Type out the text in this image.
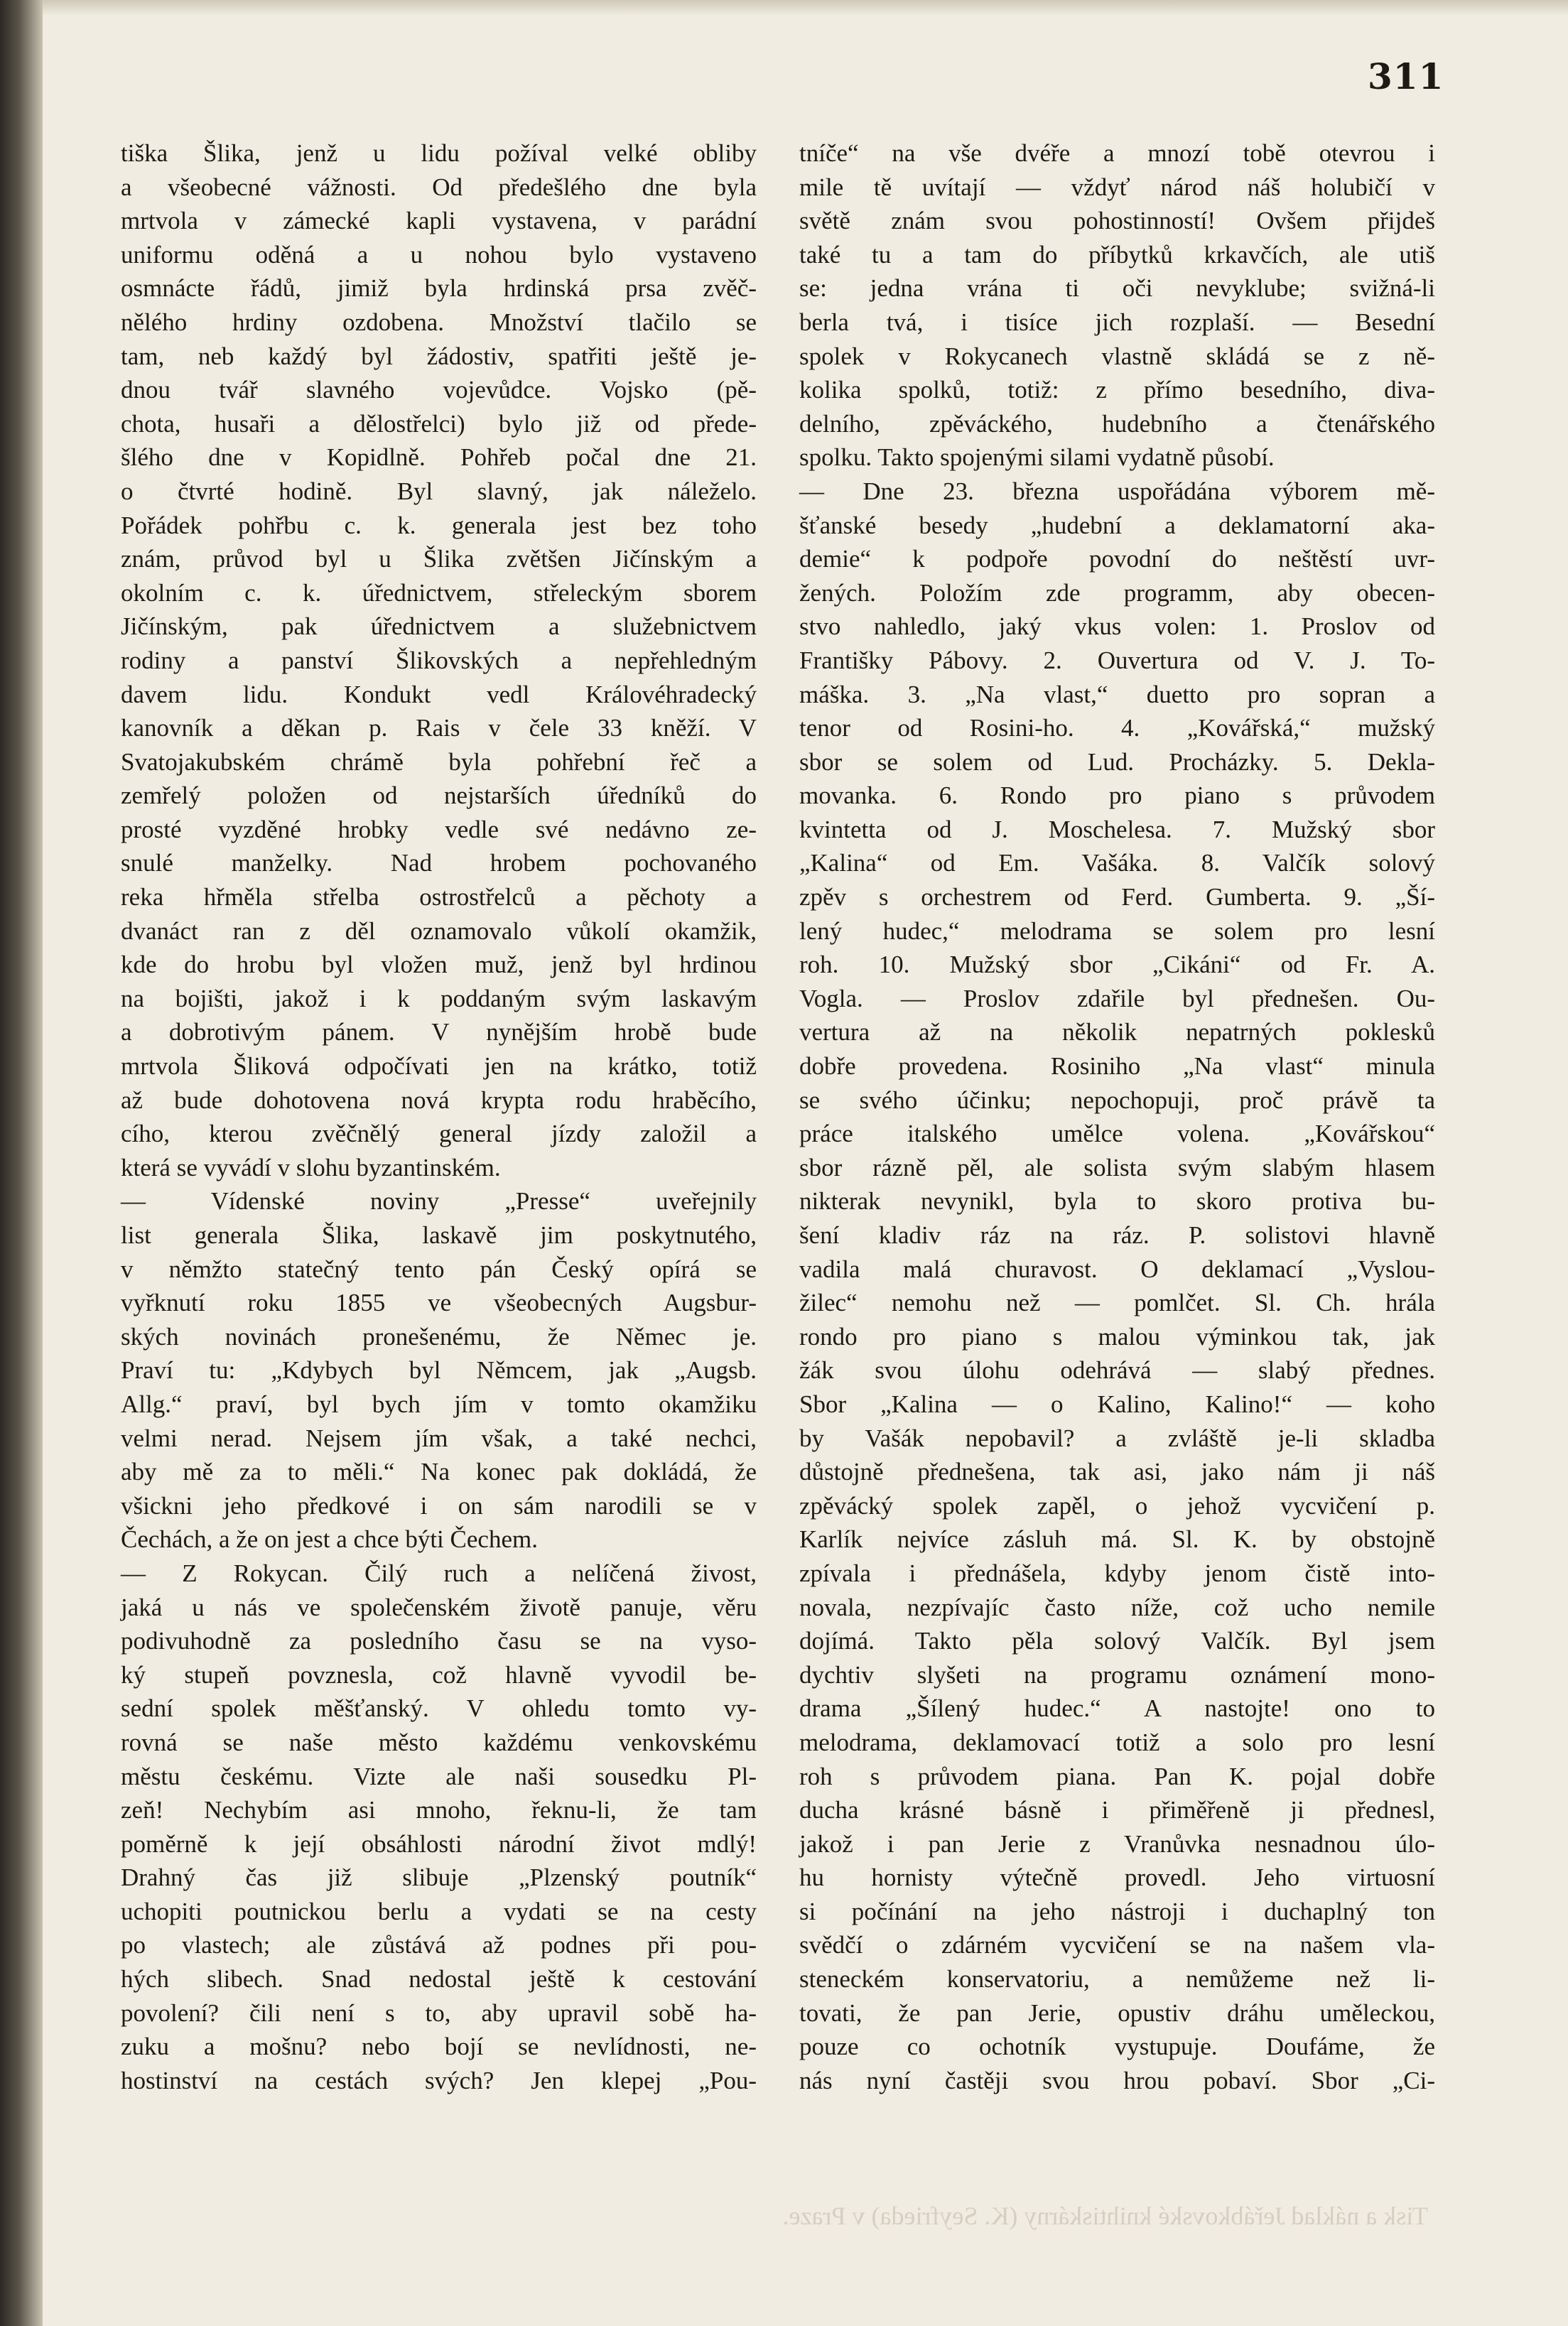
311
tiška Šlika, jenž u lidu požíval velké obliby
a všeobecné vážnosti. Od předešlého dne byla
mrtvola v zámecké kapli vystavena, v parádní
uniformu oděná a u nohou bylo vystaveno
osmnácte řádů, jimiž byla hrdinská prsa zvěč-
nělého hrdiny ozdobena. Množství tlačilo se
tam, neb každý byl žádostiv, spatřiti ještě je-
dnou tvář slavného vojevůdce. Vojsko (pě-
chota, husaři a dělostřelci) bylo již od přede-
šlého dne v Kopidlně. Pohřeb počal dne 21.
o čtvrté hodině. Byl slavný, jak náleželo.
Pořádek pohřbu c. k. generala jest bez toho
znám, průvod byl u Šlika zvětšen Jičínským a
okolním c. k. úřednictvem, střeleckým sborem
Jičínským, pak úřednictvem a služebnictvem
rodiny a panství Šlikovských a nepřehledným
davem lidu. Kondukt vedl Královéhradecký
kanovník a děkan p. Rais v čele 33 kněží. V
Svatojakubském chrámě byla pohřební řeč a
zemřelý položen od nejstarších úředníků do
prosté vyzděné hrobky vedle své nedávno ze-
snulé manželky. Nad hrobem pochovaného
reka hřměla střelba ostrostřelců a pěchoty a
dvanáct ran z děl oznamovalo vůkolí okamžik,
kde do hrobu byl vložen muž, jenž byl hrdinou
na bojišti, jakož i k poddaným svým laskavým
a dobrotivým pánem. V nynějším hrobě bude
mrtvola Šliková odpočívati jen na krátko, totiž
až bude dohotovena nová krypta rodu hraběcího,
cího, kterou zvěčnělý general jízdy založil a
která se vyvádí v slohu byzantinském.
— Vídenské noviny „Presse“ uveřejnily
list generala Šlika, laskavě jim poskytnutého,
v němžto statečný tento pán Český opírá se
vyřknutí roku 1855 ve všeobecných Augsbur-
ských novinách pronešenému, že Němec je.
Praví tu: „Kdybych byl Němcem, jak „Augsb.
Allg.“ praví, byl bych jím v tomto okamžiku
velmi nerad. Nejsem jím však, a také nechci,
aby mě za to měli.“ Na konec pak dokládá, že
všickni jeho předkové i on sám narodili se v
Čechách, a že on jest a chce býti Čechem.
— Z Rokycan. Čilý ruch a nelíčená živost,
jaká u nás ve společenském životě panuje, věru
podivuhodně za posledního času se na vyso-
ký stupeň povznesla, což hlavně vyvodil be-
sední spolek měšťanský. V ohledu tomto vy-
rovná se naše město každému venkovskému
městu českému. Vizte ale naši sousedku Pl-
zeň! Nechybím asi mnoho, řeknu-li, že tam
poměrně k její obsáhlosti národní život mdlý!
Drahný čas již slibuje „Plzenský poutník“
uchopiti poutnickou berlu a vydati se na cesty
po vlastech; ale zůstává až podnes při pou-
hých slibech. Snad nedostal ještě k cestování
povolení? čili není s to, aby upravil sobě ha-
zuku a mošnu? nebo bojí se nevlídnosti, ne-
hostinství na cestách svých? Jen klepej „Pou-
tníče“ na vše dvéře a mnozí tobě otevrou i
mile tě uvítají — vždyť národ náš holubičí v
světě znám svou pohostinností! Ovšem přijdeš
také tu a tam do příbytků krkavčích, ale utiš
se: jedna vrána ti oči nevyklube; svižná-li
berla tvá, i tisíce jich rozplaší. — Besední
spolek v Rokycanech vlastně skládá se z ně-
kolika spolků, totiž: z přímo besedního, diva-
delního, zpěváckého, hudebního a čtenářského
spolku. Takto spojenými silami vydatně působí.
— Dne 23. března uspořádána výborem mě-
šťanské besedy „hudební a deklamatorní aka-
demie“ k podpoře povodní do neštěstí uvr-
žených. Položím zde programm, aby obecen-
stvo nahledlo, jaký vkus volen: 1. Proslov od
Františky Pábovy. 2. Ouvertura od V. J. To-
máška. 3. „Na vlast,“ duetto pro sopran a
tenor od Rosini-ho. 4. „Kovářská,“ mužský
sbor se solem od Lud. Procházky. 5. Dekla-
movanka. 6. Rondo pro piano s průvodem
kvintetta od J. Moschelesa. 7. Mužský sbor
„Kalina“ od Em. Vašáka. 8. Valčík solový
zpěv s orchestrem od Ferd. Gumberta. 9. „Ší-
lený hudec,“ melodrama se solem pro lesní
roh. 10. Mužský sbor „Cikáni“ od Fr. A.
Vogla. — Proslov zdařile byl přednešen. Ou-
vertura až na několik nepatrných poklesků
dobře provedena. Rosiniho „Na vlast“ minula
se svého účinku; nepochopuji, proč právě ta
práce italského umělce volena. „Kovářskou“
sbor rázně pěl, ale solista svým slabým hlasem
nikterak nevynikl, byla to skoro protiva bu-
šení kladiv ráz na ráz. P. solistovi hlavně
vadila malá churavost. O deklamací „Vyslou-
žilec“ nemohu než — pomlčet. Sl. Ch. hrála
rondo pro piano s malou výminkou tak, jak
žák svou úlohu odehrává — slabý přednes.
Sbor „Kalina — o Kalino, Kalino!“ — koho
by Vašák nepobavil? a zvláště je-li skladba
důstojně přednešena, tak asi, jako nám ji náš
zpěvácký spolek zapěl, o jehož vycvičení p.
Karlík nejvíce zásluh má. Sl. K. by obstojně
zpívala i přednášela, kdyby jenom čistě into-
novala, nezpívajíc často níže, což ucho nemile
dojímá. Takto pěla solový Valčík. Byl jsem
dychtiv slyšeti na programu oznámení mono-
drama „Šílený hudec.“ A nastojte! ono to
melodrama, deklamovací totiž a solo pro lesní
roh s průvodem piana. Pan K. pojal dobře
ducha krásné básně i přiměřeně ji přednesl,
jakož i pan Jerie z Vranůvka nesnadnou úlo-
hu hornisty výtečně provedl. Jeho virtuosní
si počínání na jeho nástroji i duchaplný ton
svědčí o zdárném vycvičení se na našem vla-
steneckém konservatoriu, a nemůžeme než li-
tovati, že pan Jerie, opustiv dráhu uměleckou,
pouze co ochotník vystupuje. Doufáme, že
nás nyní častěji svou hrou pobaví. Sbor „Ci-
Tisk a náklad Jeřábkovské knihtiskárny (K. Seyfrieda) v Praze.
